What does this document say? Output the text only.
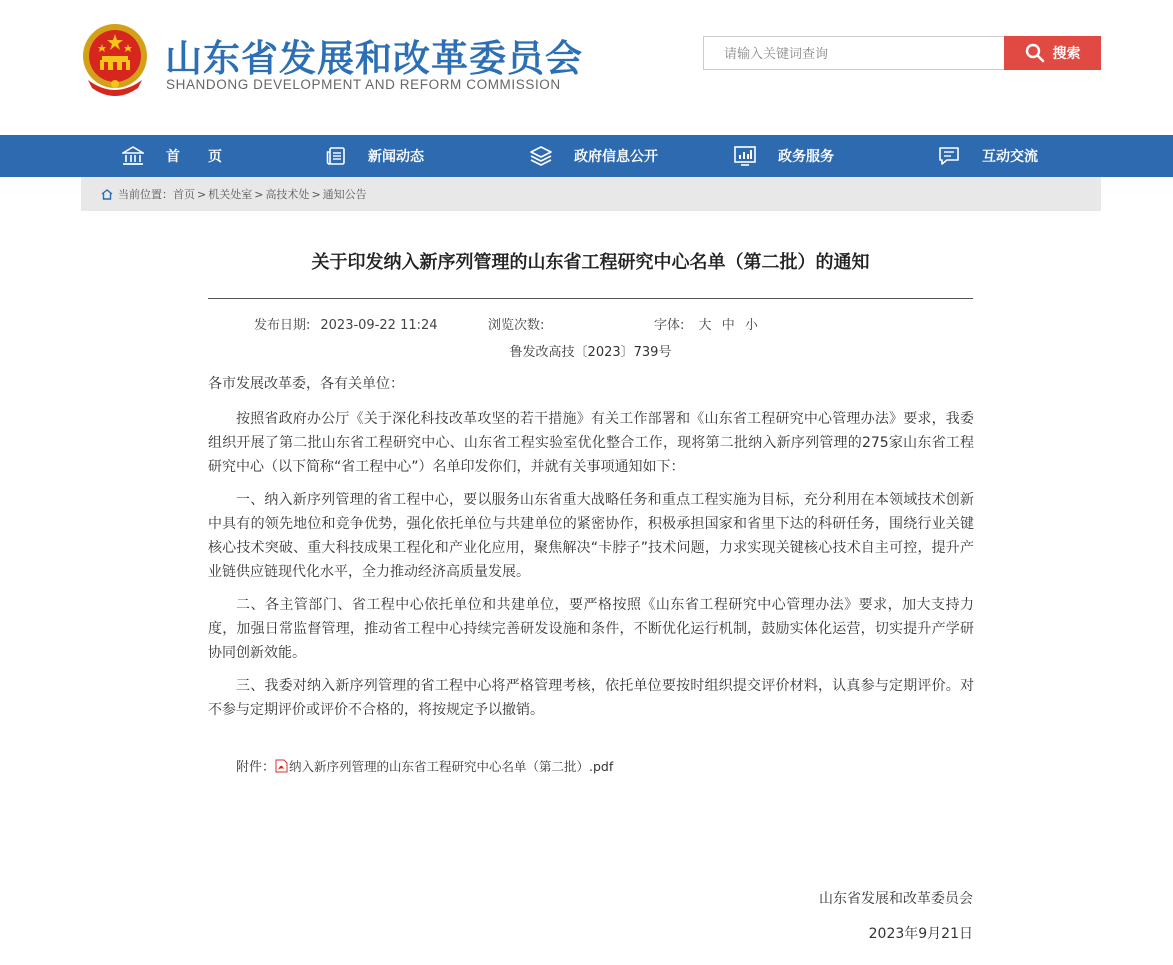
山东省发展和改革委员会
SHANDONG DEVELOPMENT AND REFORM COMMISSION
请输入关键词查询
搜索
首页	新闻动态	政府信息公开	政务服务	互动交流
当前位置： 首页 > 机关处室 > 高技术处 > 通知公告
关于印发纳入新序列管理的山东省工程研究中心名单（第二批）的通知
发布日期: 2023-09-22 11:24	浏览次数:	字体: 大 中 小
鲁发改高技〔2023〕739号

各市发展改革委，各有关单位：

按照省政府办公厅《关于深化科技改革攻坚的若干措施》有关工作部署和《山东省工程研究中心管理办法》要求，我委组织开展了第二批山东省工程研究中心、山东省工程实验室优化整合工作，现将第二批纳入新序列管理的275家山东省工程研究中心（以下简称“省工程中心”）名单印发你们，并就有关事项通知如下：

一、纳入新序列管理的省工程中心，要以服务山东省重大战略任务和重点工程实施为目标，充分利用在本领域技术创新中具有的领先地位和竞争优势，强化依托单位与共建单位的紧密协作，积极承担国家和省里下达的科研任务，围绕行业关键核心技术突破、重大科技成果工程化和产业化应用，聚焦解决“卡脖子”技术问题，力求实现关键核心技术自主可控，提升产业链供应链现代化水平，全力推动经济高质量发展。

二、各主管部门、省工程中心依托单位和共建单位，要严格按照《山东省工程研究中心管理办法》要求，加大支持力度，加强日常监督管理，推动省工程中心持续完善研发设施和条件，不断优化运行机制，鼓励实体化运营，切实提升产学研协同创新效能。

三、我委对纳入新序列管理的省工程中心将严格管理考核，依托单位要按时组织提交评价材料，认真参与定期评价。对不参与定期评价或评价不合格的，将按规定予以撤销。

附件： 纳入新序列管理的山东省工程研究中心名单（第二批）.pdf
山东省发展和改革委员会
2023年9月21日
